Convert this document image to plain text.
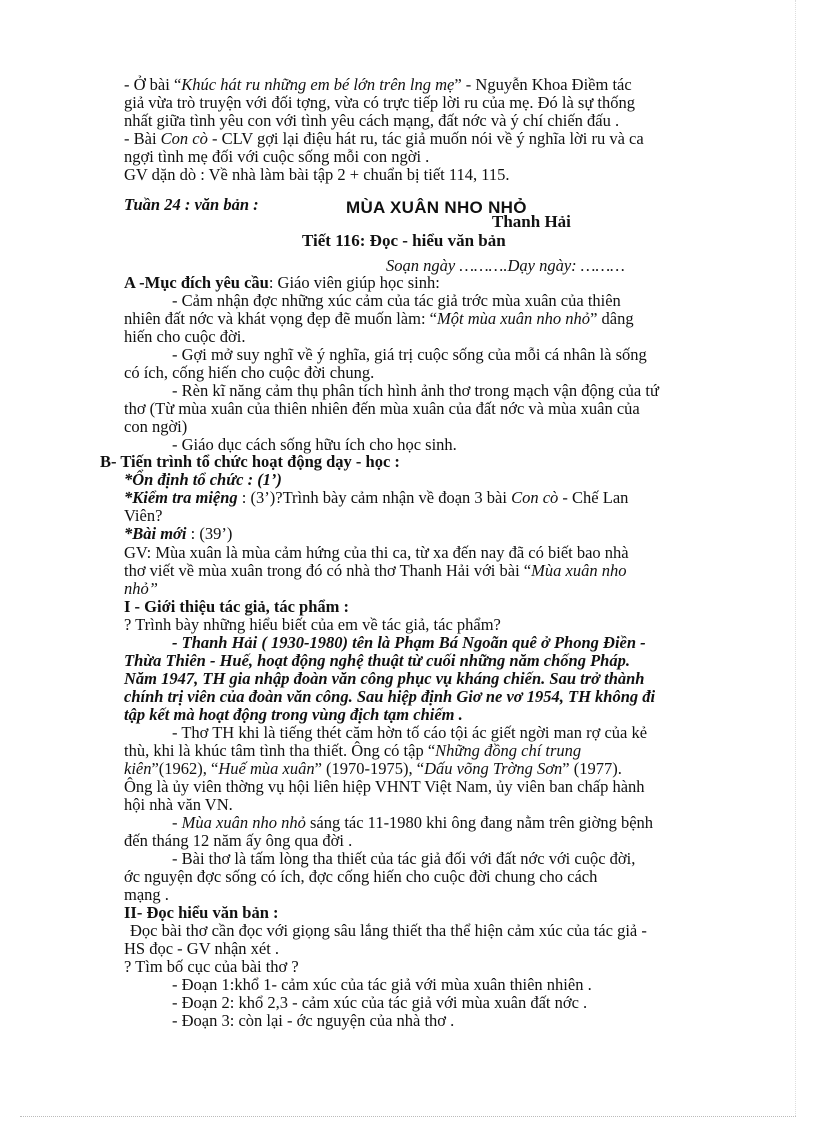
- Ở bài “Khúc hát ru những em bé lớn trên lng mẹ” - Nguyễn Khoa Điềm tác
giả vừa trò truyện với đối tợng, vừa có trực tiếp lời ru của mẹ. Đó là sự thống
nhất giữa tình yêu con với tình yêu cách mạng, đất nớc và ý chí chiến đấu .
- Bài Con cò - CLV gợi lại điệu hát ru, tác giả muốn nói về ý nghĩa lời ru và ca
ngợi tình mẹ đối với cuộc sống mỗi con ngời .
GV dặn dò : Về nhà làm bài tập 2 + chuẩn bị tiết 114, 115.
Tuần 24 : văn bản :	MÙA XUÂN NHO NHỎ
Thanh Hải
Tiết 116: Đọc - hiểu văn bản
Soạn ngày ……….Dạy ngày: ………
A -Mục đích yêu cầu: Giáo viên giúp học sinh:
- Cảm nhận đợc những xúc cảm của tác giả trớc mùa xuân của thiên
nhiên đất nớc và khát vọng đẹp đẽ muốn làm: “Một mùa xuân nho nhỏ” dâng
hiến cho cuộc đời.
- Gợi mở suy nghĩ về ý nghĩa, giá trị cuộc sống của mỗi cá nhân là sống
có ích, cống hiến cho cuộc đời chung.
- Rèn kĩ năng cảm thụ phân tích hình ảnh thơ trong mạch vận động của tứ
thơ (Từ mùa xuân của thiên nhiên đến mùa xuân của đất nớc và mùa xuân của
con ngời)
- Giáo dục cách sống hữu ích cho học sinh.
B- Tiến trình tổ chức hoạt động dạy - học :
*Ổn định tổ chức : (1’)
*Kiểm tra miệng : (3’)?Trình bày cảm nhận về đoạn 3 bài Con cò - Chế Lan
Viên?
*Bài mới : (39’)
GV: Mùa xuân là mùa cảm hứng của thi ca, từ xa đến nay đã có biết bao nhà
thơ viết về mùa xuân trong đó có nhà thơ Thanh Hải với bài “Mùa xuân nho
nhỏ”
I - Giới thiệu tác giả, tác phẩm :
? Trình bày những hiểu biết của em về tác giả, tác phẩm?
- Thanh Hải ( 1930-1980) tên là Phạm Bá Ngoãn quê ở Phong Điền -
Thừa Thiên - Huế, hoạt động nghệ thuật từ cuối những năm chống Pháp.
Năm 1947, TH gia nhập đoàn văn công phục vụ kháng chiến. Sau trở thành
chính trị viên của đoàn văn công. Sau hiệp định Giơ ne vơ 1954, TH không đi
tập kết mà hoạt động trong vùng địch tạm chiếm .
- Thơ TH khi là tiếng thét căm hờn tố cáo tội ác giết ngời man rợ của kẻ
thù, khi là khúc tâm tình tha thiết. Ông có tập “Những đồng chí trung
kiên”(1962), “Huế mùa xuân” (1970-1975), “Dấu võng Trờng Sơn” (1977).
Ông là ủy viên thờng vụ hội liên hiệp VHNT Việt Nam, ủy viên ban chấp hành
hội nhà văn VN.
- Mùa xuân nho nhỏ sáng tác 11-1980 khi ông đang nằm trên giờng bệnh
đến tháng 12 năm ấy ông qua đời .
- Bài thơ là tấm lòng tha thiết của tác giả đối với đất nớc với cuộc đời,
ớc nguyện đợc sống có ích, đợc cống hiến cho cuộc đời chung cho cách
mạng .
II- Đọc hiểu văn bản :
Đọc bài thơ cần đọc với giọng sâu lắng thiết tha thể hiện cảm xúc của tác giả -
HS đọc - GV nhận xét .
? Tìm bố cục của bài thơ ?
- Đoạn 1:khổ 1- cảm xúc của tác giả với mùa xuân thiên nhiên .
- Đoạn 2: khổ 2,3 - cảm xúc của tác giả với mùa xuân đất nớc .
- Đoạn 3: còn lại - ớc nguyện của nhà thơ .
